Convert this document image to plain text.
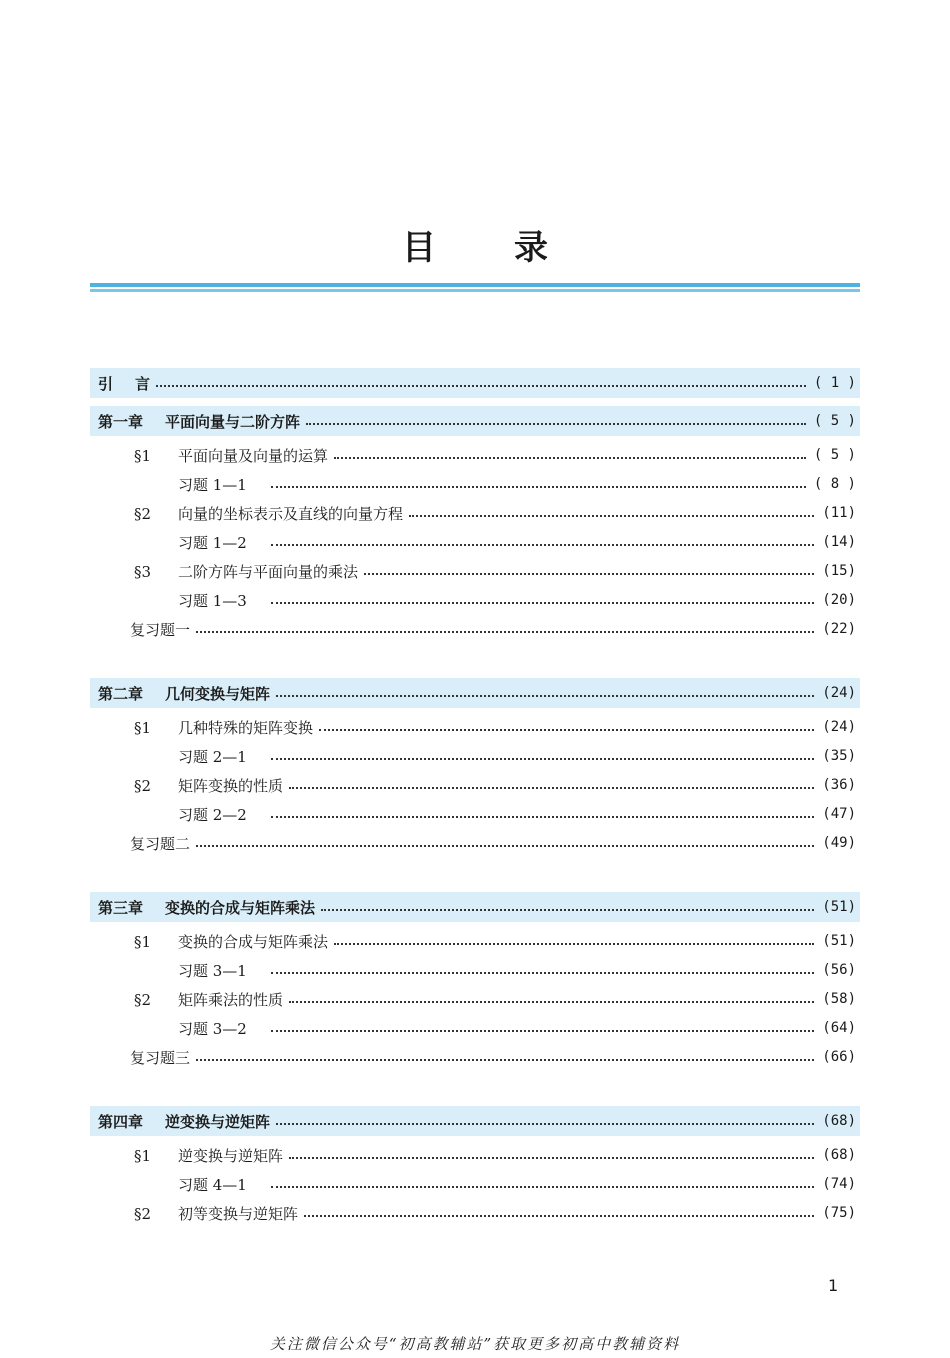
目录
引 言	( 1 )
第一章 平面向量与二阶方阵	( 5 )
§1 平面向量及向量的运算	( 5 )
习题 1—1	( 8 )
§2 向量的坐标表示及直线的向量方程	(11)
习题 1—2	(14)
§3 二阶方阵与平面向量的乘法	(15)
习题 1—3	(20)
复习题一	(22)
第二章 几何变换与矩阵	(24)
§1 几种特殊的矩阵变换	(24)
习题 2—1	(35)
§2 矩阵变换的性质	(36)
习题 2—2	(47)
复习题二	(49)
第三章 变换的合成与矩阵乘法	(51)
§1 变换的合成与矩阵乘法	(51)
习题 3—1	(56)
§2 矩阵乘法的性质	(58)
习题 3—2	(64)
复习题三	(66)
第四章 逆变换与逆矩阵	(68)
§1 逆变换与逆矩阵	(68)
习题 4—1	(74)
§2 初等变换与逆矩阵	(75)
1
关注微信公众号“初高教辅站”获取更多初高中教辅资料
